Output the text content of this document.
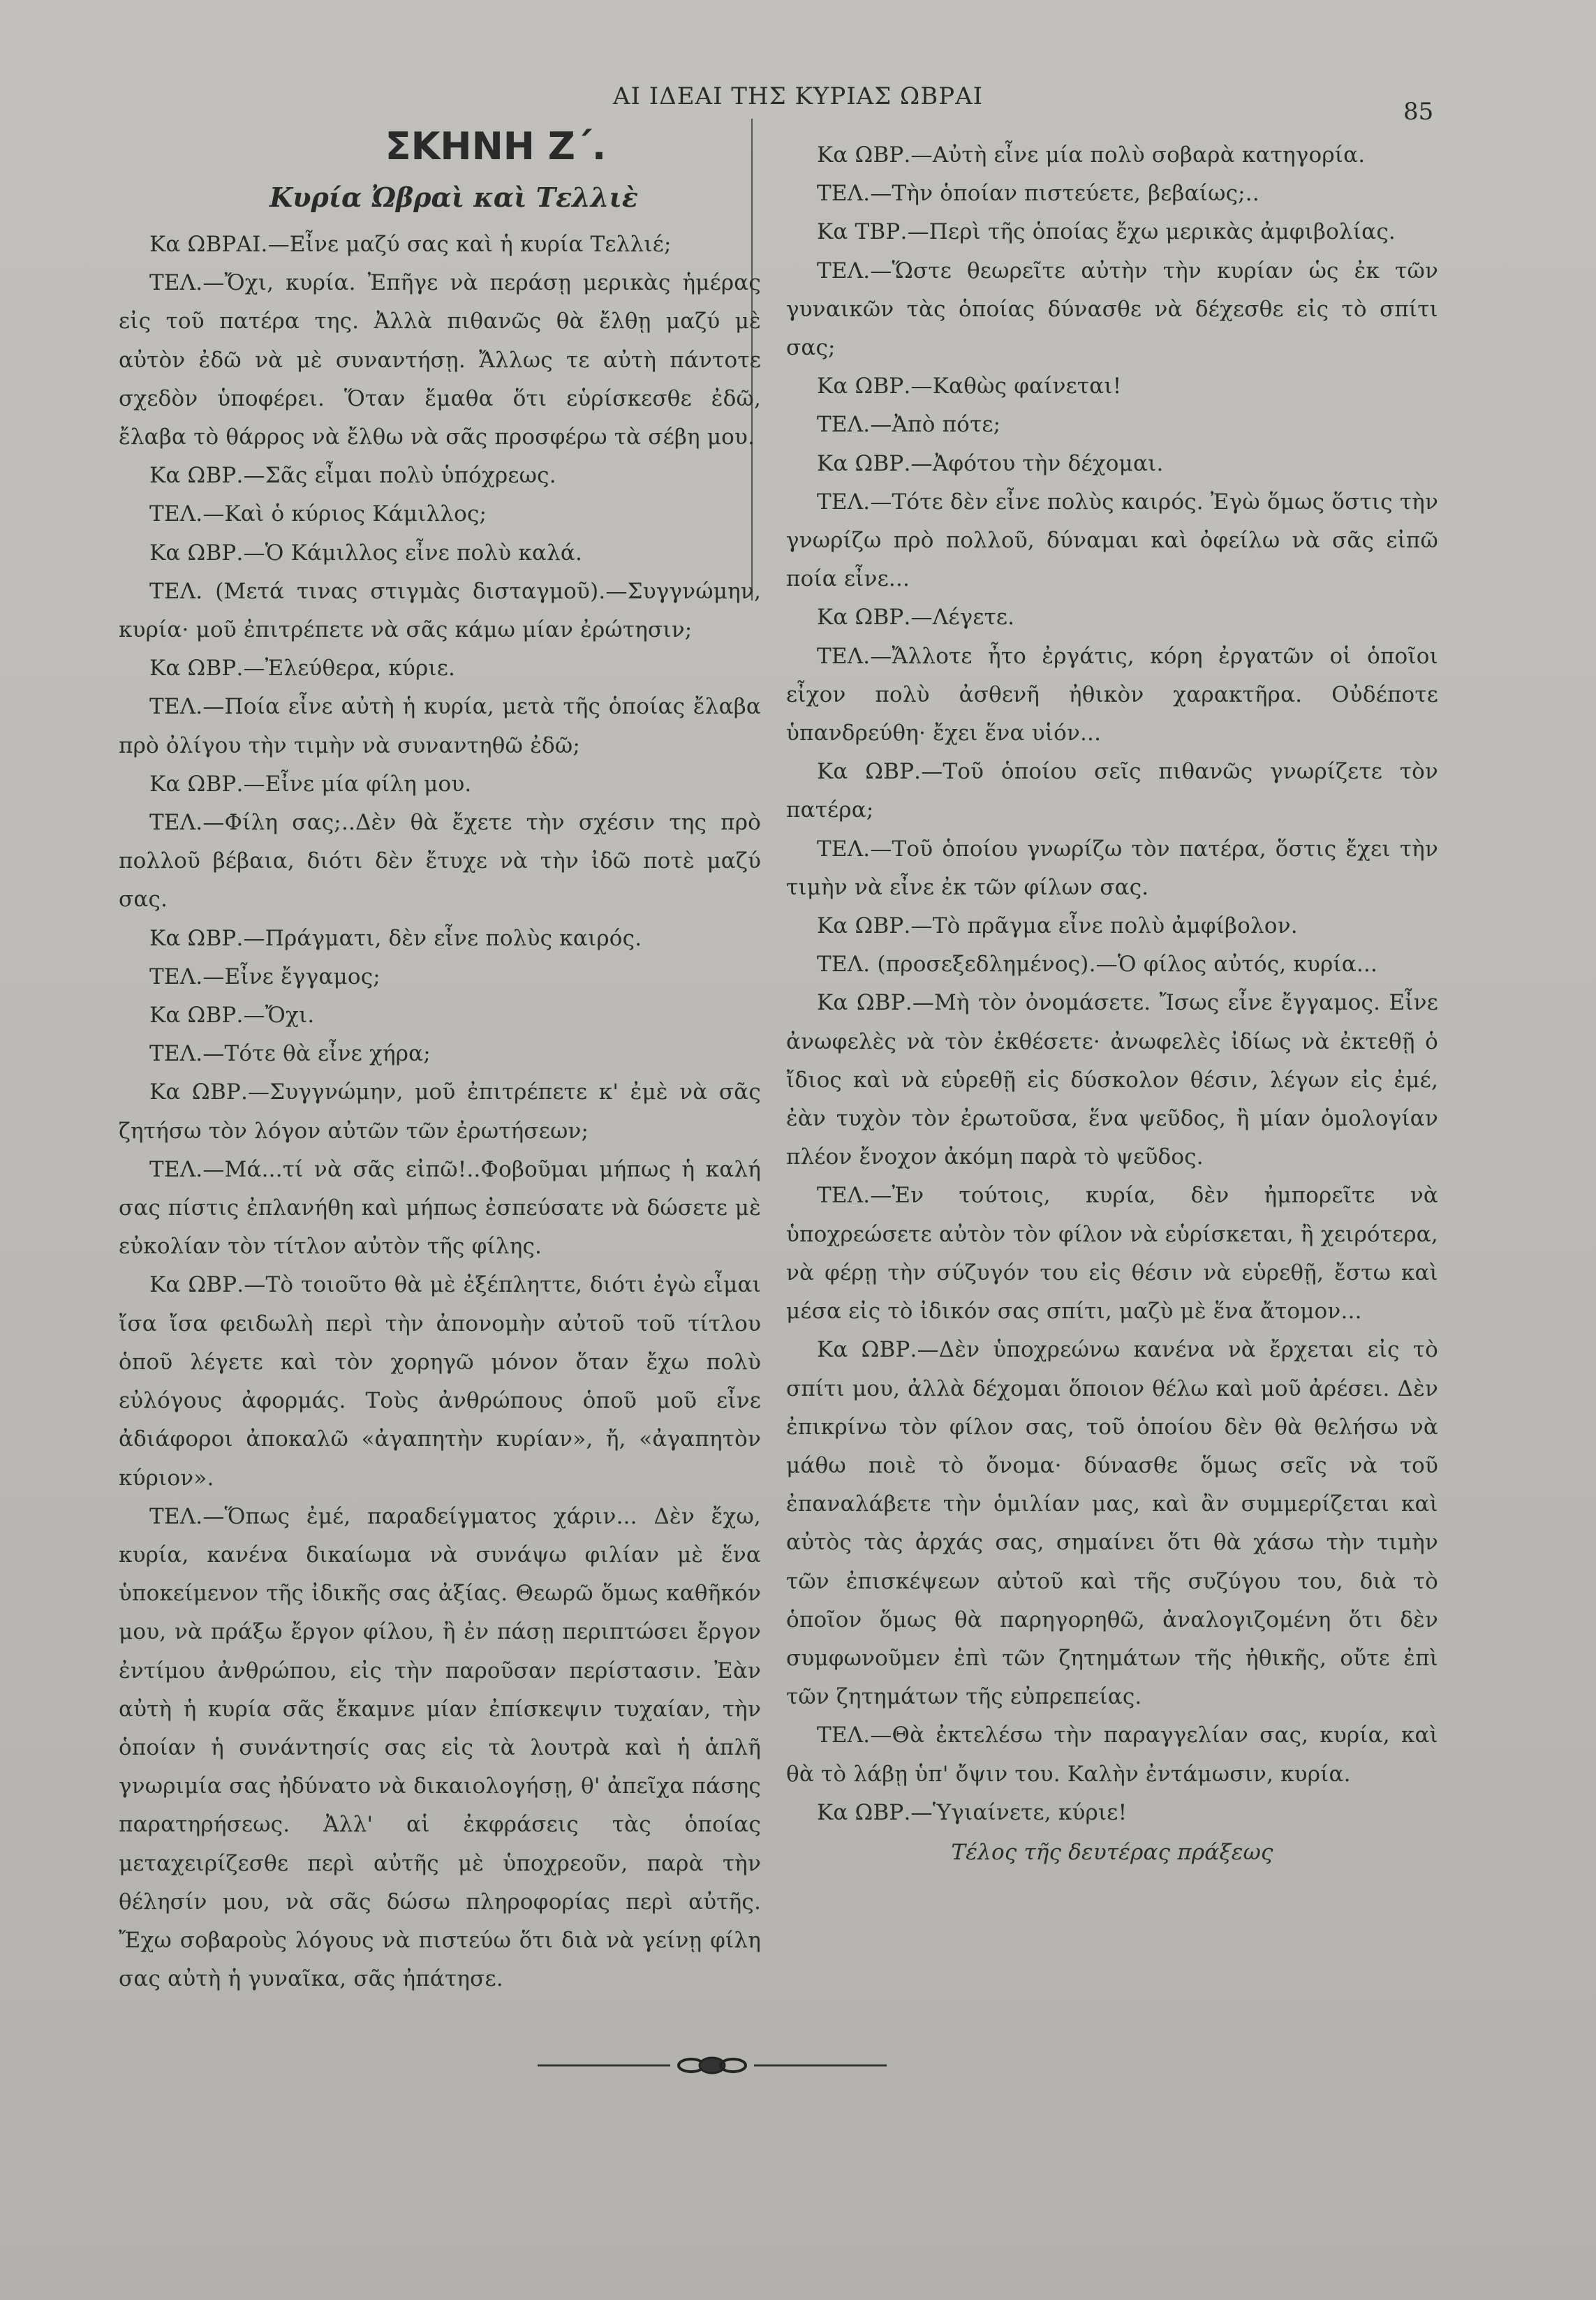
ΑΙ ΙΔΕΑΙ ΤΗΣ ΚΥΡΙΑΣ ΩΒΡΑΙ
85
ΣΚΗΝΗ Ζ΄.
Κυρία Ὠβραὶ καὶ Τελλιὲ

Κα ΩΒΡΑΙ.—Εἶνε μαζύ σας καὶ ἡ κυρία Τελλιέ;

ΤΕΛ.—Ὄχι, κυρία. Ἐπῆγε νὰ περάσῃ μερικὰς ἡμέρας εἰς τοῦ πατέρα της. Ἀλλὰ πιθανῶς θὰ ἔλθῃ μαζύ μὲ αὐτὸν ἐδῶ νὰ μὲ συναντήσῃ. Ἄλλως τε αὐτὴ πάντοτε σχεδὸν ὑποφέρει. Ὅταν ἔμαθα ὅτι εὑρίσκεσθε ἐδῶ, ἔλαβα τὸ θάρρος νὰ ἔλθω νὰ σᾶς προσφέρω τὰ σέβη μου.

Κα ΩΒΡ.—Σᾶς εἶμαι πολὺ ὑπόχρεως.

ΤΕΛ.—Καὶ ὁ κύριος Κάμιλλος;

Κα ΩΒΡ.—Ὁ Κάμιλλος εἶνε πολὺ καλά.

ΤΕΛ. (Μετά τινας στιγμὰς δισταγμοῦ).—Συγγνώμην, κυρία· μοῦ ἐπιτρέπετε νὰ σᾶς κάμω μίαν ἐρώτησιν;

Κα ΩΒΡ.—Ἐλεύθερα, κύριε.

ΤΕΛ.—Ποία εἶνε αὐτὴ ἡ κυρία, μετὰ τῆς ὁποίας ἔλαβα πρὸ ὀλίγου τὴν τιμὴν νὰ συναντηθῶ ἐδῶ;

Κα ΩΒΡ.—Εἶνε μία φίλη μου.

ΤΕΛ.—Φίλη σας;..Δὲν θὰ ἔχετε τὴν σχέσιν της πρὸ πολλοῦ βέβαια, διότι δὲν ἔτυχε νὰ τὴν ἰδῶ ποτὲ μαζύ σας.

Κα ΩΒΡ.—Πράγματι, δὲν εἶνε πολὺς καιρός.

ΤΕΛ.—Εἶνε ἔγγαμος;

Κα ΩΒΡ.—Ὄχι.

ΤΕΛ.—Τότε θὰ εἶνε χήρα;

Κα ΩΒΡ.—Συγγνώμην, μοῦ ἐπιτρέπετε κ' ἐμὲ νὰ σᾶς ζητήσω τὸν λόγον αὐτῶν τῶν ἐρωτήσεων;

ΤΕΛ.—Μά...τί νὰ σᾶς εἰπῶ!..Φοβοῦμαι μήπως ἡ καλή σας πίστις ἐπλανήθη καὶ μήπως ἐσπεύσατε νὰ δώσετε μὲ εὐκολίαν τὸν τίτλον αὐτὸν τῆς φίλης.

Κα ΩΒΡ.—Τὸ τοιοῦτο θὰ μὲ ἐξέπληττε, διότι ἐγὼ εἶμαι ἴσα ἴσα φειδωλὴ περὶ τὴν ἀπονομὴν αὐτοῦ τοῦ τίτλου ὁποῦ λέγετε καὶ τὸν χορηγῶ μόνον ὅταν ἔχω πολὺ εὐλόγους ἀφορμάς. Τοὺς ἀνθρώπους ὁποῦ μοῦ εἶνε ἀδιάφοροι ἀποκαλῶ «ἀγαπητὴν κυρίαν», ἤ, «ἀγαπητὸν κύριον».

ΤΕΛ.—Ὅπως ἐμέ, παραδείγματος χάριν... Δὲν ἔχω, κυρία, κανένα δικαίωμα νὰ συνάψω φιλίαν μὲ ἕνα ὑποκείμενον τῆς ἰδικῆς σας ἀξίας. Θεωρῶ ὅμως καθῆκόν μου, νὰ πράξω ἔργον φίλου, ἢ ἐν πάσῃ περιπτώσει ἔργον ἐντίμου ἀνθρώπου, εἰς τὴν παροῦσαν περίστασιν. Ἐὰν αὐτὴ ἡ κυρία σᾶς ἔκαμνε μίαν ἐπίσκεψιν τυχαίαν, τὴν ὁποίαν ἡ συνάντησίς σας εἰς τὰ λουτρὰ καὶ ἡ ἁπλῆ γνωριμία σας ἠδύνατο νὰ δικαιολογήσῃ, θ' ἀπεῖχα πάσης παρατηρήσεως. Ἀλλ' αἱ ἐκφράσεις τὰς ὁποίας μεταχειρίζεσθε περὶ αὐτῆς μὲ ὑποχρεοῦν, παρὰ τὴν θέλησίν μου, νὰ σᾶς δώσω πληροφορίας περὶ αὐτῆς. Ἔχω σοβαροὺς λόγους νὰ πιστεύω ὅτι διὰ νὰ γείνῃ φίλη σας αὐτὴ ἡ γυναῖκα, σᾶς ἠπάτησε.

Κα ΩΒΡ.—Αὐτὴ εἶνε μία πολὺ σοβαρὰ κατηγορία.

ΤΕΛ.—Τὴν ὁποίαν πιστεύετε, βεβαίως;..

Κα ΤΒΡ.—Περὶ τῆς ὁποίας ἔχω μερικὰς ἀμφιβολίας.

ΤΕΛ.—Ὥστε θεωρεῖτε αὐτὴν τὴν κυρίαν ὡς ἐκ τῶν γυναικῶν τὰς ὁποίας δύνασθε νὰ δέχεσθε εἰς τὸ σπίτι σας;

Κα ΩΒΡ.—Καθὼς φαίνεται!

ΤΕΛ.—Ἀπὸ πότε;

Κα ΩΒΡ.—Ἀφότου τὴν δέχομαι.

ΤΕΛ.—Τότε δὲν εἶνε πολὺς καιρός. Ἐγὼ ὅμως ὅστις τὴν γνωρίζω πρὸ πολλοῦ, δύναμαι καὶ ὀφείλω νὰ σᾶς εἰπῶ ποία εἶνε...

Κα ΩΒΡ.—Λέγετε.

ΤΕΛ.—Ἄλλοτε ἦτο ἐργάτις, κόρη ἐργατῶν οἱ ὁποῖοι εἶχον πολὺ ἀσθενῆ ἠθικὸν χαρακτῆρα. Οὐδέποτε ὑπανδρεύθη· ἔχει ἕνα υἱόν...

Κα ΩΒΡ.—Τοῦ ὁποίου σεῖς πιθανῶς γνωρίζετε τὸν πατέρα;

ΤΕΛ.—Τοῦ ὁποίου γνωρίζω τὸν πατέρα, ὅστις ἔχει τὴν τιμὴν νὰ εἶνε ἐκ τῶν φίλων σας.

Κα ΩΒΡ.—Τὸ πρᾶγμα εἶνε πολὺ ἀμφίβολον.

ΤΕΛ. (προσεξεδλημένος).—Ὁ φίλος αὐτός, κυρία...

Κα ΩΒΡ.—Μὴ τὸν ὀνομάσετε. Ἴσως εἶνε ἔγγαμος. Εἶνε ἀνωφελὲς νὰ τὸν ἐκθέσετε· ἀνωφελὲς ἰδίως νὰ ἐκτεθῇ ὁ ἴδιος καὶ νὰ εὑρεθῇ εἰς δύσκολον θέσιν, λέγων εἰς ἐμέ, ἐὰν τυχὸν τὸν ἐρωτοῦσα, ἕνα ψεῦδος, ἢ μίαν ὁμολογίαν πλέον ἔνοχον ἀκόμη παρὰ τὸ ψεῦδος.

ΤΕΛ.—Ἐν τούτοις, κυρία, δὲν ἠμπορεῖτε νὰ ὑποχρεώσετε αὐτὸν τὸν φίλον νὰ εὑρίσκεται, ἢ χειρότερα, νὰ φέρῃ τὴν σύζυγόν του εἰς θέσιν νὰ εὑρεθῇ, ἔστω καὶ μέσα εἰς τὸ ἰδικόν σας σπίτι, μαζὺ μὲ ἕνα ἄτομον...

Κα ΩΒΡ.—Δὲν ὑποχρεώνω κανένα νὰ ἔρχεται εἰς τὸ σπίτι μου, ἀλλὰ δέχομαι ὅποιον θέλω καὶ μοῦ ἀρέσει. Δὲν ἐπικρίνω τὸν φίλον σας, τοῦ ὁποίου δὲν θὰ θελήσω νὰ μάθω ποιὲ τὸ ὄνομα· δύνασθε ὅμως σεῖς νὰ τοῦ ἐπαναλάβετε τὴν ὁμιλίαν μας, καὶ ἂν συμμερίζεται καὶ αὐτὸς τὰς ἀρχάς σας, σημαίνει ὅτι θὰ χάσω τὴν τιμὴν τῶν ἐπισκέψεων αὐτοῦ καὶ τῆς συζύγου του, διὰ τὸ ὁποῖον ὅμως θὰ παρηγορηθῶ, ἀναλογιζομένη ὅτι δὲν συμφωνοῦμεν ἐπὶ τῶν ζητημάτων τῆς ἠθικῆς, οὔτε ἐπὶ τῶν ζητημάτων τῆς εὐπρεπείας.

ΤΕΛ.—Θὰ ἐκτελέσω τὴν παραγγελίαν σας, κυρία, καὶ θὰ τὸ λάβῃ ὑπ' ὄψιν του. Καλὴν ἐντάμωσιν, κυρία.

Κα ΩΒΡ.—Ὑγιαίνετε, κύριε!

Τέλος τῆς δευτέρας πράξεως
